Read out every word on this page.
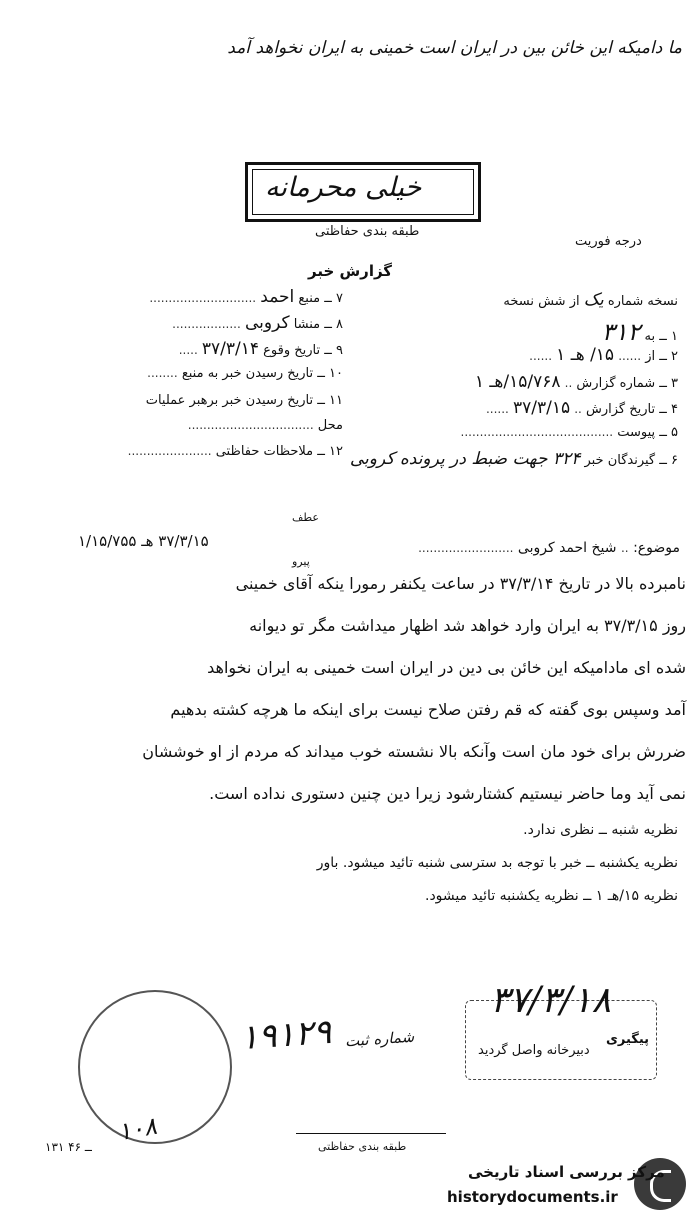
ما دامیکه این خائن بین در ایران است خمینی به ایران نخواهد آمد
خیلی محرمانه
طبقه بندی حفاظتی
درجه فوریت
گزارش خبر
نسخه شماره یک از شش نسخه
۱ ــ به ۳۱۲
۲ ــ از ...... ۱۵/ هـ ۱ ......
۳ ــ شماره گزارش .. ۱۵/۷۶۸/هـ ۱
۴ ــ تاریخ گزارش .. ۳۷/۳/۱۵ ......
۵ ــ پیوست ........................................
۶ ــ گیرندگان خبر ۳۲۴ جهت ضبط در پرونده کروبی
۷ ــ منبع احمد ............................
۸ ــ منشا کروبی ..................
۹ ــ تاریخ وقوع ۳۷/۳/۱۴ .....
۱۰ ــ تاریخ رسیدن خبر به منبع ........
۱۱ ــ تاریخ رسیدن خبر برهبر عملیات
محل .................................
۱۲ ــ ملاحظات حفاظتی ......................
موضوع: .. شیخ احمد کروبی .........................
عطف
پیرو
۳۷/۳/۱۵ هـ ۱/۱۵/۷۵۵
نامبرده بالا در تاریخ ۳۷/۳/۱۴ در ساعت یکنفر رمورا ینکه آقای خمینی
روز ۳۷/۳/۱۵ به ایران وارد خواهد شد اظهار میداشت مگر تو دیوانه
شده ای مادامیکه این خائن بی دین در ایران است خمینی به ایران نخواهد
آمد وسپس بوی گفته که قم رفتن صلاح نیست برای اینکه ما هرچه کشته بدهیم
ضررش برای خود مان است وآنکه بالا نشسته خوب میداند که مردم از او خوششان
نمی آید وما حاضر نیستیم کشتارشود زیرا دین چنین دستوری نداده است.
نظریه شنبه ــ نظری ندارد.
نظریه یکشنبه ــ خبر با توجه بد سترسی شنبه تائید میشود. باور
نظریه ۱۵/هـ ۱ ــ نظریه یکشنبه تائید میشود.
۳۷/۳/۱۸
دبیرخانه واصل گردید
پیگیری
۱۹۱۲۹ شماره ثبت
۱۰۸
طبقه بندی حفاظتی
۱۳۱ ــ ۴۶
مرکز بررسی اسناد تاریخی
historydocuments.ir
